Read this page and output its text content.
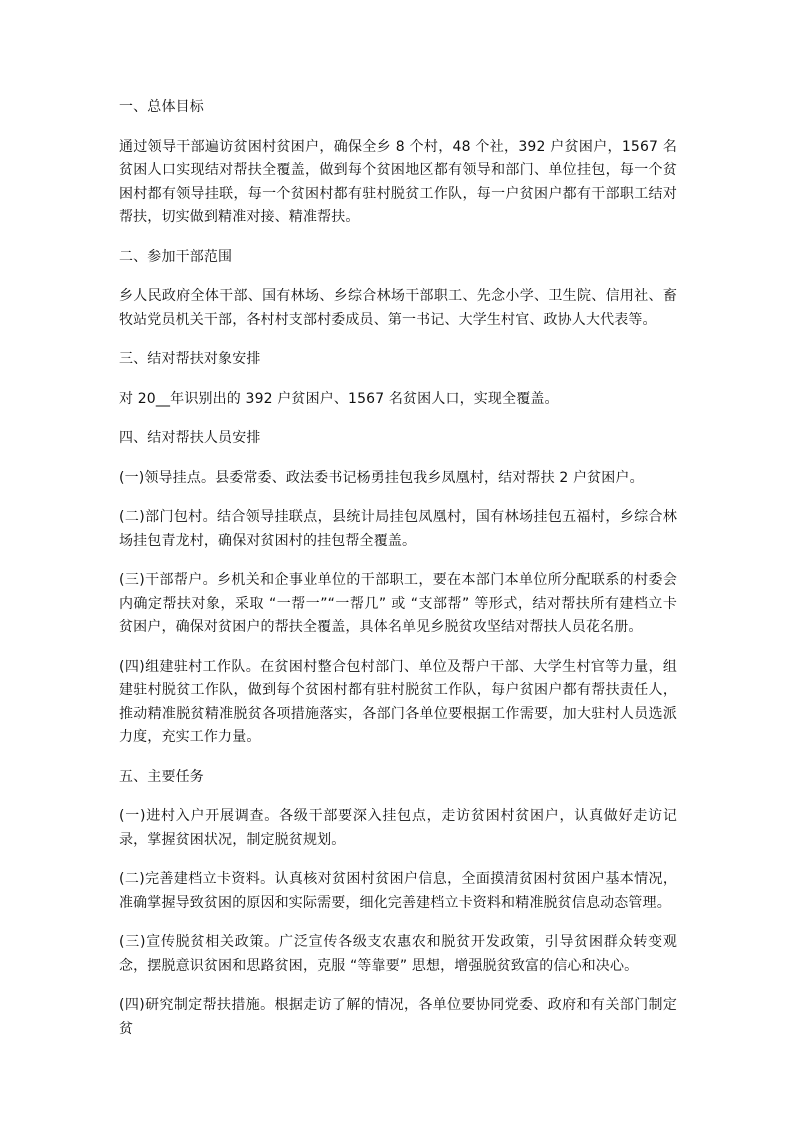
一、总体目标

通过领导干部遍访贫困村贫困户，确保全乡 8 个村，48 个社，392 户贫困户，1567 名贫困人口实现结对帮扶全覆盖，做到每个贫困地区都有领导和部门、单位挂包，每一个贫困村都有领导挂联，每一个贫困村都有驻村脱贫工作队，每一户贫困户都有干部职工结对帮扶，切实做到精准对接、精准帮扶。

二、参加干部范围

乡人民政府全体干部、国有林场、乡综合林场干部职工、先念小学、卫生院、信用社、畜牧站党员机关干部，各村村支部村委成员、第一书记、大学生村官、政协人大代表等。

三、结对帮扶对象安排

对 20__年识别出的 392 户贫困户、1567 名贫困人口，实现全覆盖。

四、结对帮扶人员安排

(一)领导挂点。县委常委、政法委书记杨勇挂包我乡凤凰村，结对帮扶 2 户贫困户。

(二)部门包村。结合领导挂联点，县统计局挂包凤凰村，国有林场挂包五福村，乡综合林场挂包青龙村，确保对贫困村的挂包帮全覆盖。

(三)干部帮户。乡机关和企事业单位的干部职工，要在本部门本单位所分配联系的村委会内确定帮扶对象，采取 “一帮一”“一帮几” 或 “支部帮” 等形式，结对帮扶所有建档立卡贫困户，确保对贫困户的帮扶全覆盖，具体名单见乡脱贫攻坚结对帮扶人员花名册。

(四)组建驻村工作队。在贫困村整合包村部门、单位及帮户干部、大学生村官等力量，组建驻村脱贫工作队，做到每个贫困村都有驻村脱贫工作队，每户贫困户都有帮扶责任人，推动精准脱贫精准脱贫各项措施落实，各部门各单位要根据工作需要，加大驻村人员选派力度，充实工作力量。

五、主要任务

(一)进村入户开展调查。各级干部要深入挂包点，走访贫困村贫困户，认真做好走访记录，掌握贫困状况，制定脱贫规划。

(二)完善建档立卡资料。认真核对贫困村贫困户信息，全面摸清贫困村贫困户基本情况，准确掌握导致贫困的原因和实际需要，细化完善建档立卡资料和精准脱贫信息动态管理。

(三)宣传脱贫相关政策。广泛宣传各级支农惠农和脱贫开发政策，引导贫困群众转变观念，摆脱意识贫困和思路贫困，克服 “等靠要” 思想，增强脱贫致富的信心和决心。

(四)研究制定帮扶措施。根据走访了解的情况，各单位要协同党委、政府和有关部门制定贫
